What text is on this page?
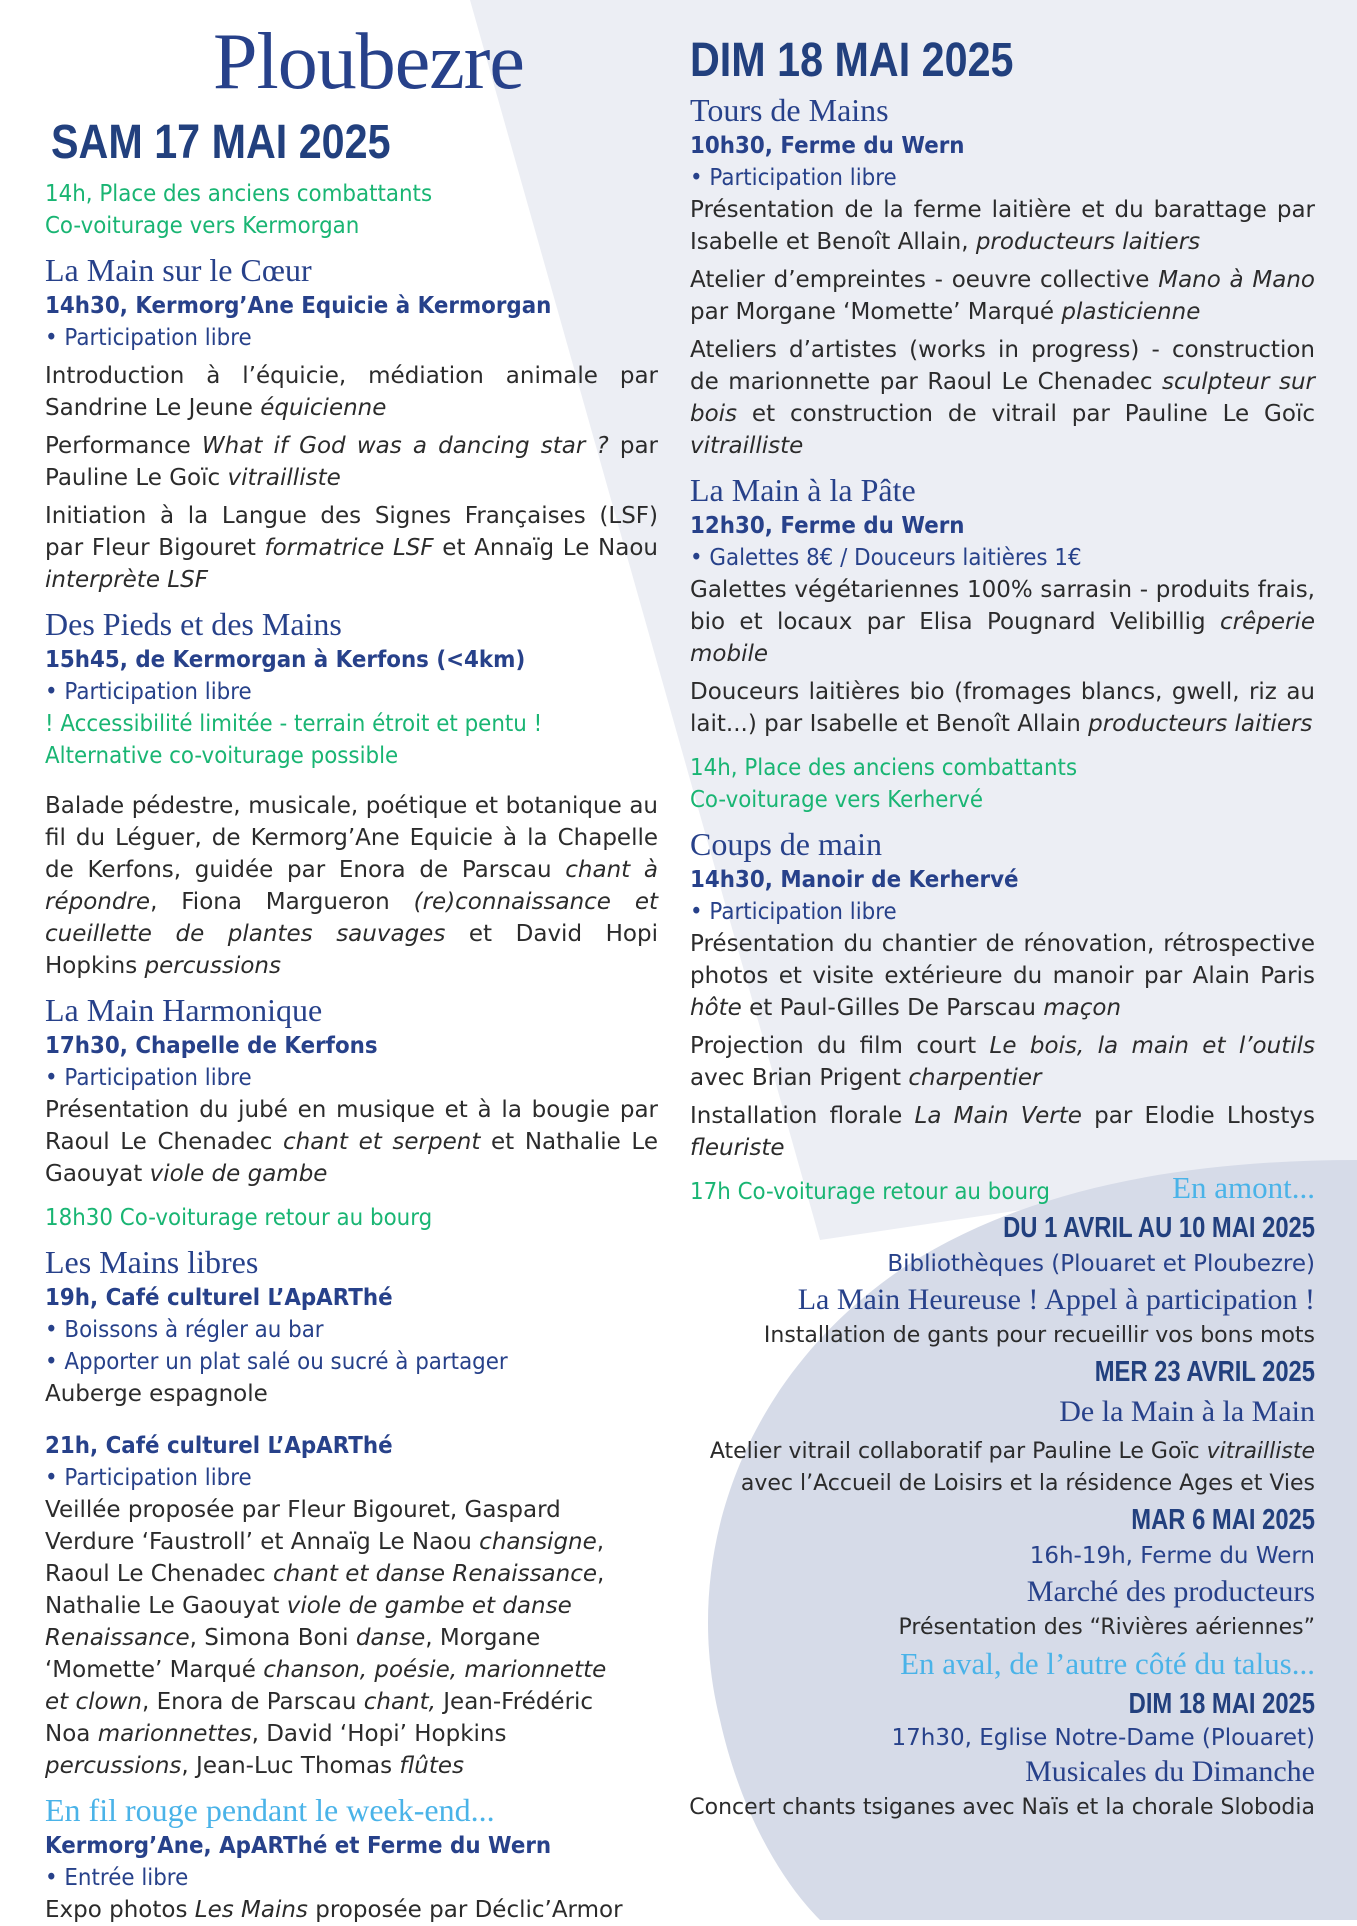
Ploubezre
SAM 17 MAI 2025
14h, Place des anciens combattants
Co-voiturage vers Kermorgan
La Main sur le Cœur
14h30, Kermorg’Ane Equicie à Kermorgan
• Participation libre
Introduction à l’équicie, médiation animale par Sandrine Le Jeune équicienne
Performance What if God was a dancing star ? par Pauline Le Goïc vitrailliste
Initiation à la Langue des Signes Françaises (LSF) par Fleur Bigouret formatrice LSF et Annaïg Le Naou interprète LSF
Des Pieds et des Mains
15h45, de Kermorgan à Kerfons (<4km)
• Participation libre
! Accessibilité limitée - terrain étroit et pentu !
Alternative co-voiturage possible
Balade pédestre, musicale, poétique et botanique au fil du Léguer, de Kermorg’Ane Equicie à la Chapelle de Kerfons, guidée par Enora de Parscau chant à répondre, Fiona Margueron (re)connaissance et cueillette de plantes sauvages et David Hopi Hopkins percussions
La Main Harmonique
17h30, Chapelle de Kerfons
• Participation libre
Présentation du jubé en musique et à la bougie par Raoul Le Chenadec chant et serpent et Nathalie Le Gaouyat viole de gambe
18h30 Co-voiturage retour au bourg
Les Mains libres
19h, Café culturel L’ApARThé
• Boissons à régler au bar
• Apporter un plat salé ou sucré à partager
Auberge espagnole
21h, Café culturel L’ApARThé
• Participation libre
Veillée proposée par Fleur Bigouret, Gaspard Verdure ‘Faustroll’ et Annaïg Le Naou chansigne, Raoul Le Chenadec chant et danse Renaissance, Nathalie Le Gaouyat viole de gambe et danse Renaissance, Simona Boni danse, Morgane ‘Momette’ Marqué chanson, poésie, marionnette et clown, Enora de Parscau chant, Jean-Frédéric Noa marionnettes, David ‘Hopi’ Hopkins percussions, Jean-Luc Thomas flûtes
En fil rouge pendant le week-end...
Kermorg’Ane, ApARThé et Ferme du Wern
• Entrée libre
Expo photos Les Mains proposée par Déclic’Armor
DIM 18 MAI 2025
Tours de Mains
10h30, Ferme du Wern
• Participation libre
Présentation de la ferme laitière et du barattage par Isabelle et Benoît Allain, producteurs laitiers
Atelier d’empreintes - oeuvre collective Mano à Mano par Morgane ‘Momette’ Marqué plasticienne
Ateliers d’artistes (works in progress) - construction de marionnette par Raoul Le Chenadec sculpteur sur bois et construction de vitrail par Pauline Le Goïc vitrailliste
La Main à la Pâte
12h30, Ferme du Wern
• Galettes 8€ / Douceurs laitières 1€
Galettes végétariennes 100% sarrasin - produits frais, bio et locaux par Elisa Pougnard Velibillig crêperie mobile
Douceurs laitières bio (fromages blancs, gwell, riz au lait...) par Isabelle et Benoît Allain producteurs laitiers
14h, Place des anciens combattants
Co-voiturage vers Kerhervé
Coups de main
14h30, Manoir de Kerhervé
• Participation libre
Présentation du chantier de rénovation, rétrospective photos et visite extérieure du manoir par Alain Paris hôte et Paul-Gilles De Parscau maçon
Projection du film court Le bois, la main et l’outils avec Brian Prigent charpentier
Installation florale La Main Verte par Elodie Lhostys fleuriste
17h Co-voiturage retour au bourg	En amont...
DU 1 AVRIL AU 10 MAI 2025
Bibliothèques (Plouaret et Ploubezre)
La Main Heureuse ! Appel à participation !
Installation de gants pour recueillir vos bons mots
MER 23 AVRIL 2025
De la Main à la Main
Atelier vitrail collaboratif par Pauline Le Goïc vitrailliste
avec l’Accueil de Loisirs et la résidence Ages et Vies
MAR 6 MAI 2025
16h-19h, Ferme du Wern
Marché des producteurs
Présentation des “Rivières aériennes”
En aval, de l’autre côté du talus...
DIM 18 MAI 2025
17h30, Eglise Notre-Dame (Plouaret)
Musicales du Dimanche
Concert chants tsiganes avec Naïs et la chorale Slobodia
